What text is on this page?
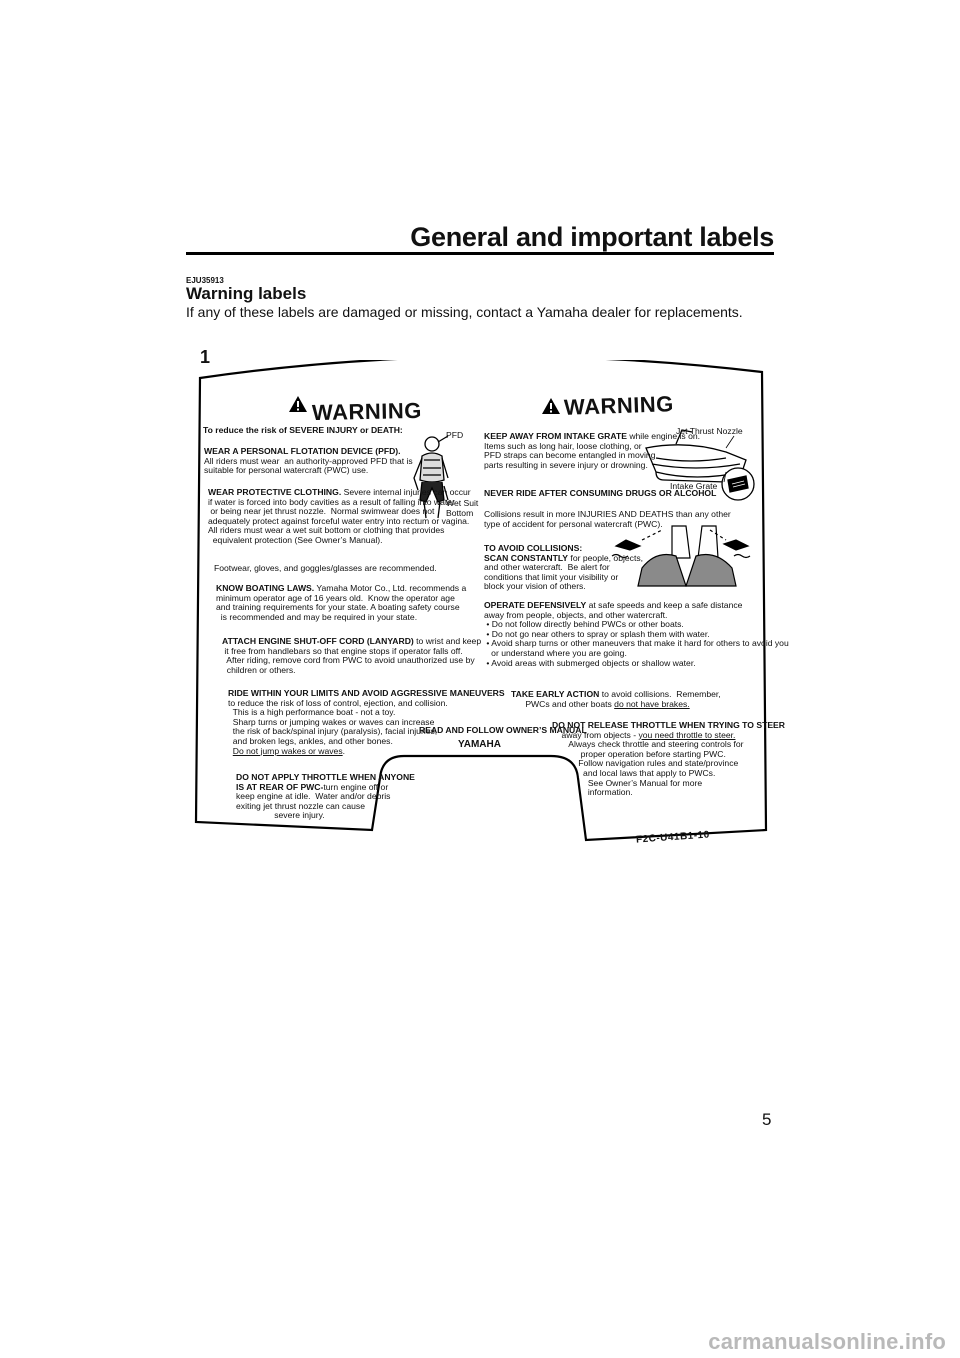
General and important labels
EJU35913
Warning labels
If any of these labels are damaged or missing, contact a Yamaha dealer for replacements.
1
WARNING	WARNING
To reduce the risk of SEVERE INJURY or DEATH:
WEAR A PERSONAL FLOTATION DEVICE (PFD).
All riders must wear  an authority-approved PFD that is
suitable for personal watercraft (PWC) use.
WEAR PROTECTIVE CLOTHING. Severe internal injuries can occur
if water is forced into body cavities as a result of falling into water
or being near jet thrust nozzle.  Normal swimwear does not
adequately protect against forceful water entry into rectum or vagina.
All riders must wear a wet suit bottom or clothing that provides
equivalent protection (See Owner’s Manual).
Footwear, gloves, and goggles/glasses are recommended.
KNOW BOATING LAWS. Yamaha Motor Co., Ltd. recommends a
minimum operator age of 16 years old.  Know the operator age
and training requirements for your state. A boating safety course
is recommended and may be required in your state.
ATTACH ENGINE SHUT-OFF CORD (LANYARD) to wrist and keep
it free from handlebars so that engine stops if operator falls off.
After riding, remove cord from PWC to avoid unauthorized use by
children or others.
RIDE WITHIN YOUR LIMITS AND AVOID AGGRESSIVE MANEUVERS
to reduce the risk of loss of control, ejection, and collision.
This is a high performance boat - not a toy.
Sharp turns or jumping wakes or waves can increase
the risk of back/spinal injury (paralysis), facial injuries,
and broken legs, ankles, and other bones.
Do not jump wakes or waves.
DO NOT APPLY THROTTLE WHEN ANYONE
IS AT REAR OF PWC-turn engine off or
keep engine at idle.  Water and/or debris
exiting jet thrust nozzle can cause
severe injury.
PFD
Wet Suit
Bottom
Jet Thrust Nozzle
Intake Grate
KEEP AWAY FROM INTAKE GRATE while engine is on.
Items such as long hair, loose clothing, or
PFD straps can become entangled in moving
parts resulting in severe injury or drowning.
NEVER RIDE AFTER CONSUMING DRUGS OR ALCOHOL
Collisions result in more INJURIES AND DEATHS than any other
type of accident for personal watercraft (PWC).
TO AVOID COLLISIONS:
SCAN CONSTANTLY for people, objects,
and other watercraft.  Be alert for
conditions that limit your visibility or
block your vision of others.
OPERATE DEFENSIVELY at safe speeds and keep a safe distance
away from people, objects, and other watercraft.
• Do not follow directly behind PWCs or other boats.
• Do not go near others to spray or splash them with water.
• Avoid sharp turns or other maneuvers that make it hard for others to avoid you
or understand where you are going.
• Avoid areas with submerged objects or shallow water.
TAKE EARLY ACTION to avoid collisions.  Remember,
PWCs and other boats do not have brakes.
DO NOT RELEASE THROTTLE WHEN TRYING TO STEER
away from objects - you need throttle to steer.
Always check throttle and steering controls for
proper operation before starting PWC.
Follow navigation rules and state/province
and local laws that apply to PWCs.
See Owner’s Manual for more
information.
READ AND FOLLOW OWNER’S MANUAL
YAMAHA
F2C-U41B1-10
5
carmanualsonline.info
